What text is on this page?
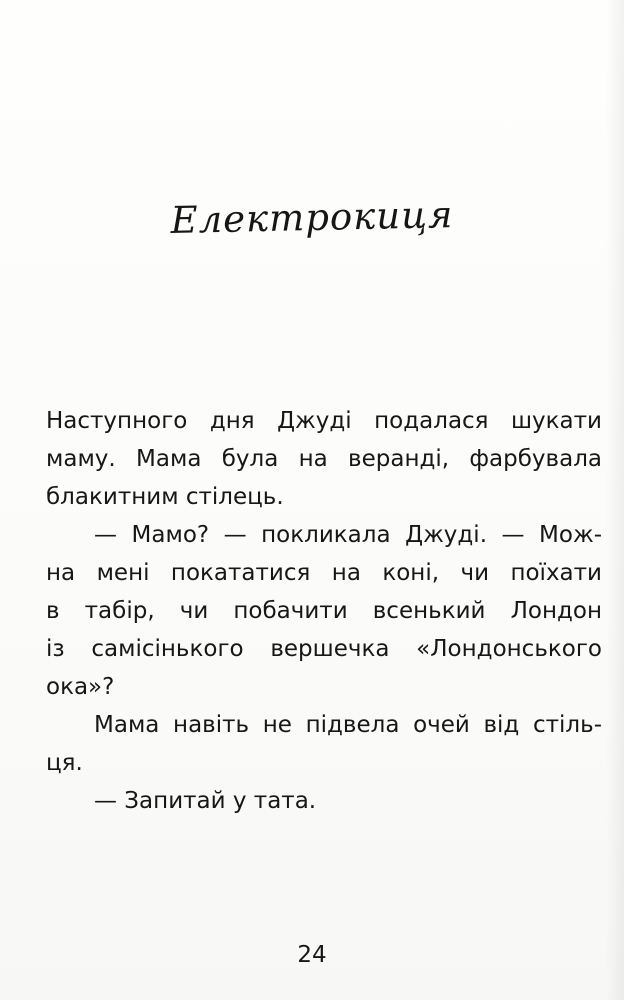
Електрокиця
Наступного дня Джуді подалася шукати
маму. Мама була на веранді, фарбувала
блакитним стілець.
— Мамо? — покликала Джуді. — Мож-
на мені покататися на коні, чи поїхати
в табір, чи побачити всенький Лондон
із самісінького вершечка «Лондонського
ока»?
Мама навіть не підвела очей від стіль-
ця.
— Запитай у тата.
24
